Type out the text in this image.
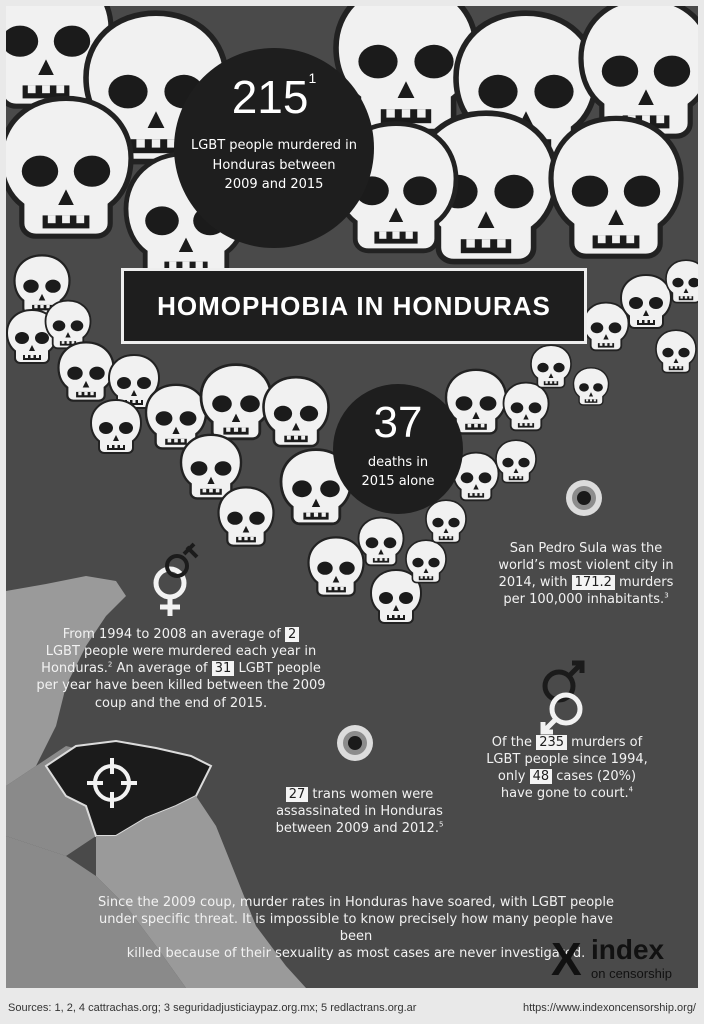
$215^1$
LGBT people murdered in
Honduras between
2009 and 2015
HOMOPHOBIA IN HONDURAS
37
deaths in
2015 alone
San Pedro Sula was the
world’s most violent city in
2014, with 171.2 murders
per 100,000 inhabitants.$^3$
From 1994 to 2008 an average of 2
LGBT people were murdered each year in
Honduras.$^2$ An average of 31 LGBT people
per year have been killed between the 2009
coup and the end of 2015.
27 trans women were
assassinated in Honduras
between 2009 and 2012.$^5$
Of the 235 murders of
LGBT people since 1994,
only 48 cases (20%)
have gone to court.$^4$
Since the 2009 coup, murder rates in Honduras have soared, with LGBT people
under specific threat. It is impossible to know precisely how many people have been
killed because of their sexuality as most cases are never investigated.
X index
on censorship
Sources: 1, 2, 4 cattrachas.org; 3 seguridadjusticiaypaz.org.mx; 5 redlactrans.org.ar	https://www.indexoncensorship.org/
